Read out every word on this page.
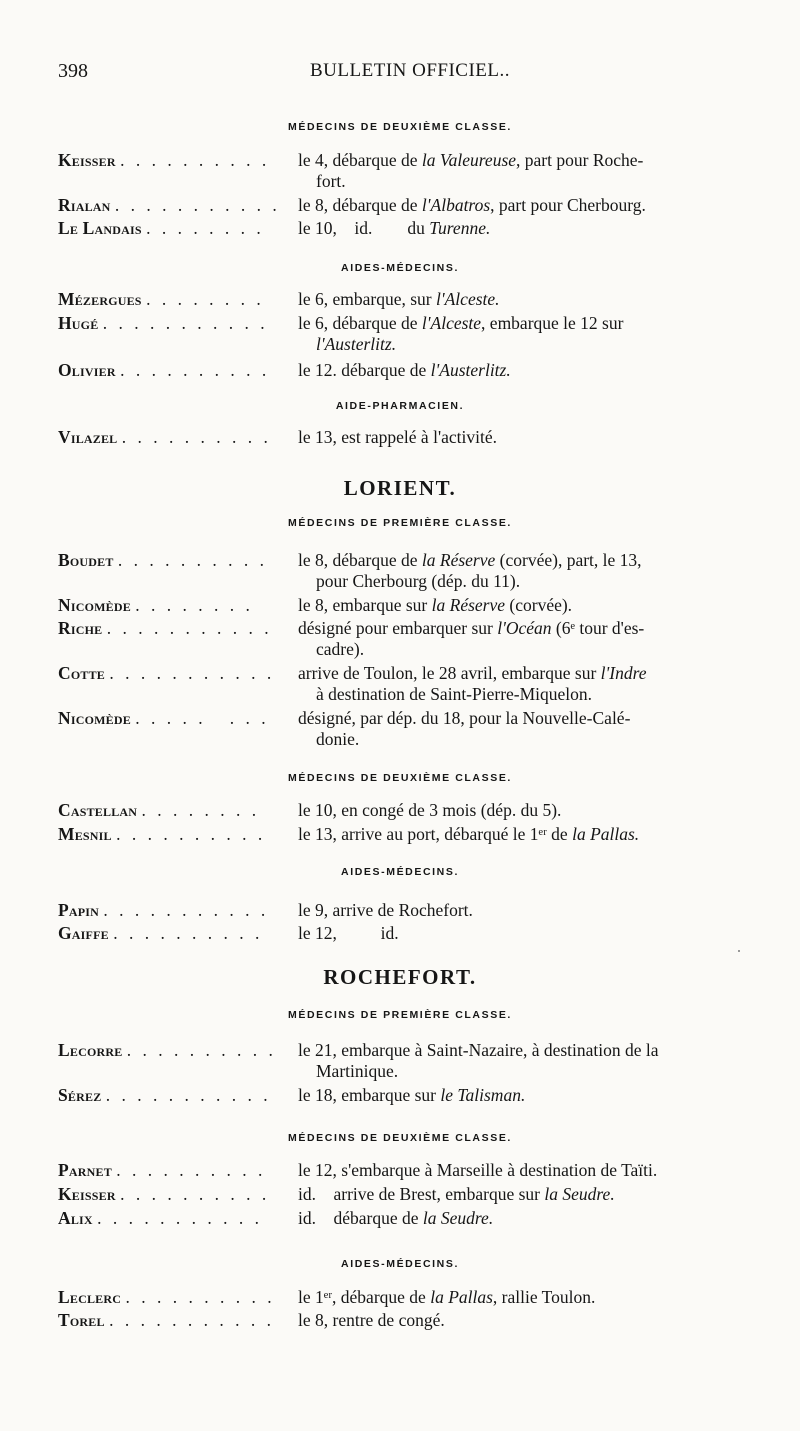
398	BULLETIN OFFICIEL..
MÉDECINS DE DEUXIÈME CLASSE.
Keisser . . . . . . . . . .	le 4, débarque de la Valeureuse, part pour Roche-
fort.
Rialan . . . . . . . . . . .	le 8, débarque de l'Albatros, part pour Cherbourg.
Le Landais . . . . . . . .	le 10,    id.        du Turenne.
AIDES-MÉDECINS.
Mézergues . . . . . . . .	le 6, embarque, sur l'Alceste.
Hugé . . . . . . . . . . .	le 6, débarque de l'Alceste, embarque le 12 sur
l'Austerlitz.
Olivier . . . . . . . . . .	le 12. débarque de l'Austerlitz.
AIDE-PHARMACIEN.
Vilazel . . . . . . . . . .	le 13, est rappelé à l'activité.
LORIENT.
MÉDECINS DE PREMIÈRE CLASSE.
Boudet . . . . . . . . . .	le 8, débarque de la Réserve (corvée), part, le 13,
pour Cherbourg (dép. du 11).
Nicomède . . . . . . . .	le 8, embarque sur la Réserve (corvée).
Riche . . . . . . . . . . .	désigné pour embarquer sur l'Océan (6ᵉ tour d'es-
cadre).
Cotte . . . . . . . . . . .	arrive de Toulon, le 28 avril, embarque sur l'Indre
à destination de Saint-Pierre-Miquelon.
Nicomède . . . . .   . . .	désigné, par dép. du 18, pour la Nouvelle-Calé-
donie.
MÉDECINS DE DEUXIÈME CLASSE.
Castellan . . . . . . . .	le 10, en congé de 3 mois (dép. du 5).
Mesnil . . . . . . . . . .	le 13, arrive au port, débarqué le 1ᵉʳ de la Pallas.
AIDES-MÉDECINS.
Papin . . . . . . . . . . .	le 9, arrive de Rochefort.
Gaiffe . . . . . . . . . .	le 12,          id.
ROCHEFORT.
MÉDECINS DE PREMIÈRE CLASSE.
Lecorre . . . . . . . . . .	le 21, embarque à Saint-Nazaire, à destination de la
Martinique.
Sérez . . . . . . . . . . .	le 18, embarque sur le Talisman.
MÉDECINS DE DEUXIÈME CLASSE.
Parnet . . . . . . . . . .	le 12, s'embarque à Marseille à destination de Taïti.
Keisser . . . . . . . . . .	id.    arrive de Brest, embarque sur la Seudre.
Alix . . . . . . . . . . .	id.    débarque de la Seudre.
AIDES-MÉDECINS.
Leclerc . . . . . . . . . .	le 1ᵉʳ, débarque de la Pallas, rallie Toulon.
Torel . . . . . . . . . . .	le 8, rentre de congé.
